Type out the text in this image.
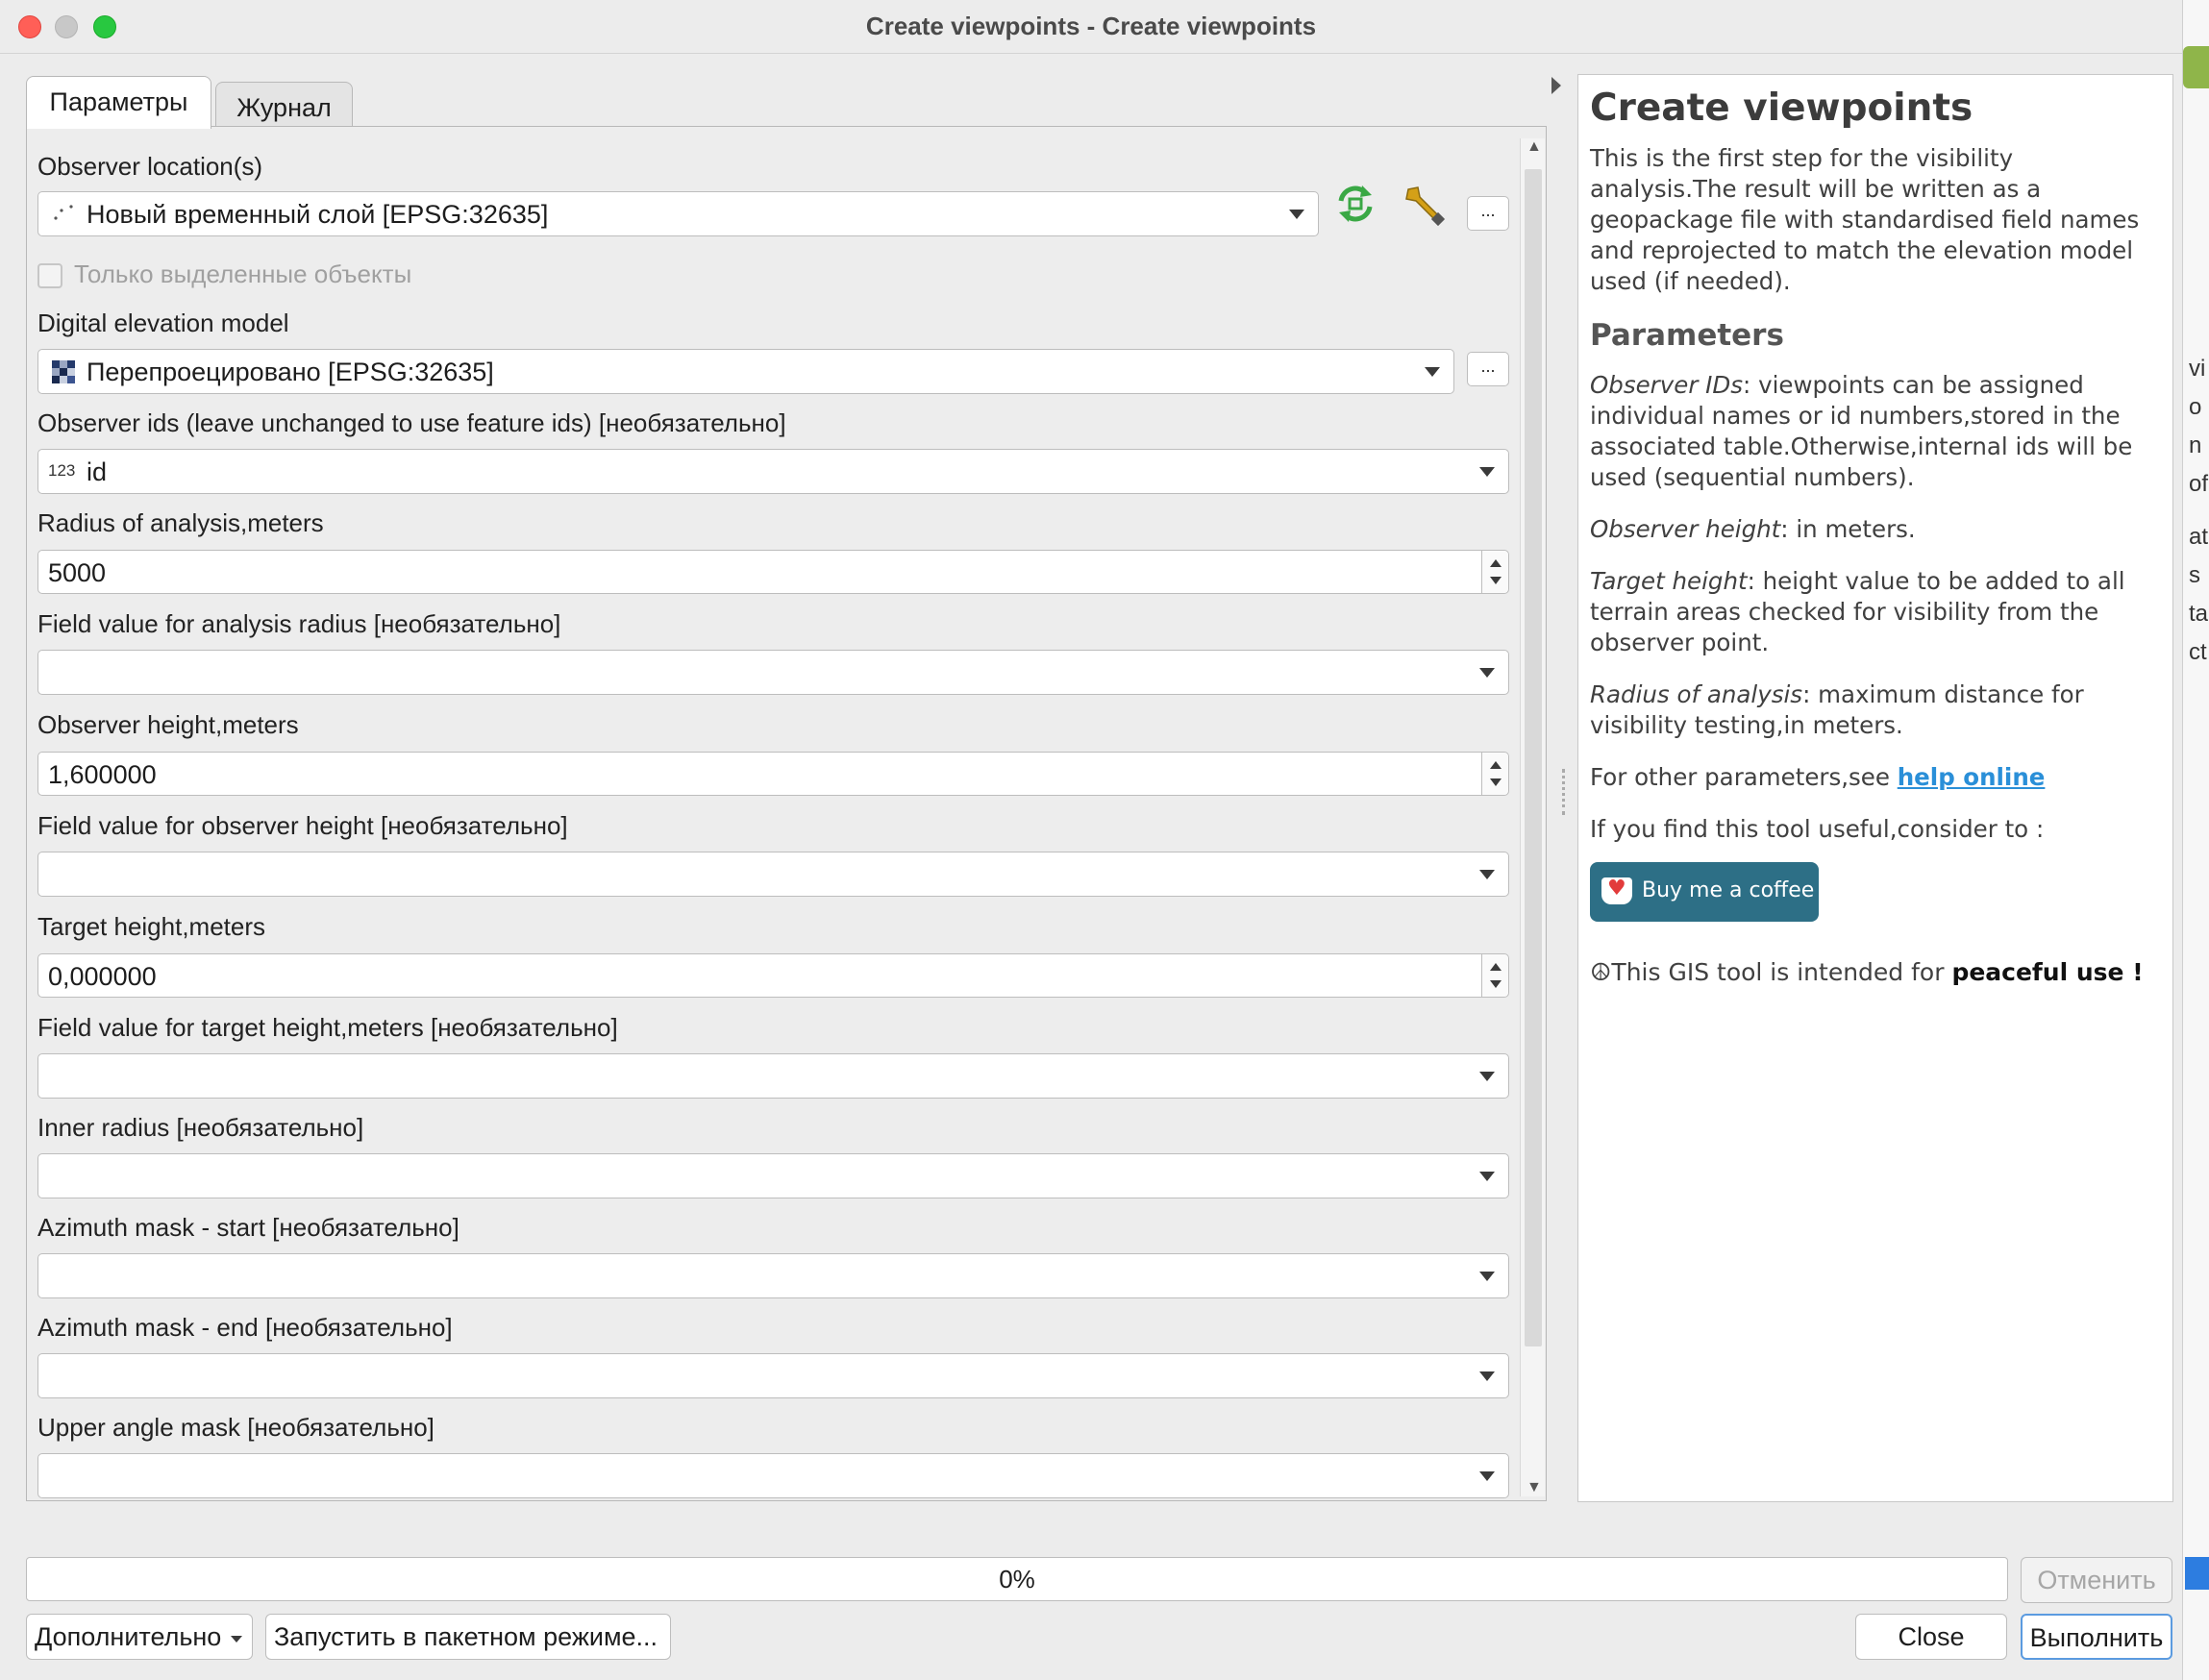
Create viewpoints - Create viewpoints
Параметры	Журнал
Observer location(s)
Новый временный слой [EPSG:32635]	...
Только выделенные объекты
Digital elevation model
Перепроецировано [EPSG:32635]	...
Observer ids (leave unchanged to use feature ids) [необязательно]
123 id
Radius of analysis,meters
5000
Field value for analysis radius [необязательно]
Observer height,meters
1,600000
Field value for observer height [необязательно]
Target height,meters
0,000000
Field value for target height,meters [необязательно]
Inner radius [необязательно]
Azimuth mask - start [необязательно]
Azimuth mask - end [необязательно]
Upper angle mask [необязательно]
▲
▼
Create viewpoints

This is the first step for the visibility analysis.The result will be written as a geopackage file with standardised field names and reprojected to match the elevation model used (if needed).

Parameters

Observer IDs: viewpoints can be assigned individual names or id numbers,stored in the associated table.Otherwise,internal ids will be used (sequential numbers).

Observer height: in meters.

Target height: height value to be added to all terrain areas checked for visibility from the observer point.

Radius of analysis: maximum distance for visibility testing,in meters.

For other parameters,see help online

If you find this tool useful,consider to :

♥ Buy me a coffee
☮This GIS tool is intended for peaceful use !
0%	Отменить
Дополнительно	Запустить в пакетном режиме...	Close	Выполнить
vi
o
n
of
at
s
ta
ct
